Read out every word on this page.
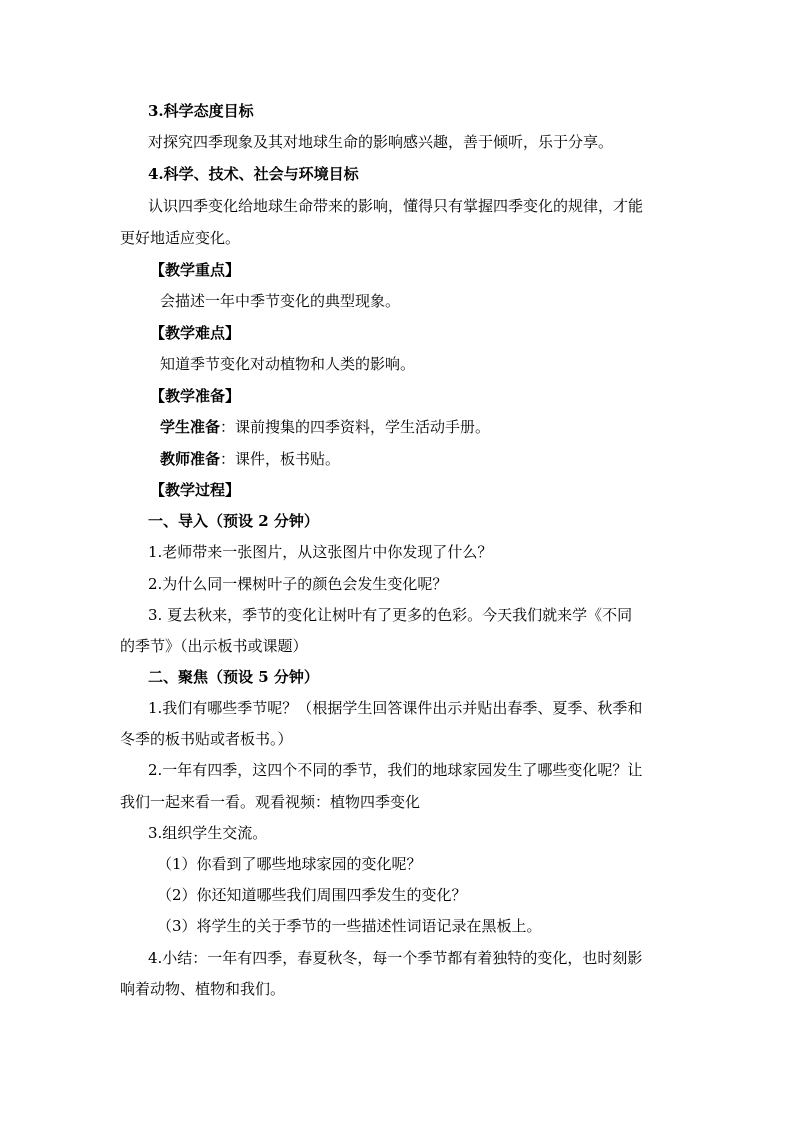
3.科学态度目标
对探究四季现象及其对地球生命的影响感兴趣，善于倾听，乐于分享。
4.科学、技术、社会与环境目标
认识四季变化给地球生命带来的影响，懂得只有掌握四季变化的规律，才能
更好地适应变化。
【教学重点】
会描述一年中季节变化的典型现象。
【教学难点】
知道季节变化对动植物和人类的影响。
【教学准备】
学生准备：课前搜集的四季资料，学生活动手册。
教师准备：课件，板书贴。
【教学过程】
一、导入（预设 2 分钟）
1.老师带来一张图片，从这张图片中你发现了什么？
2.为什么同一棵树叶子的颜色会发生变化呢？
3. 夏去秋来，季节的变化让树叶有了更多的色彩。今天我们就来学《不同
的季节》（出示板书或课题）
二、聚焦（预设 5 分钟）
1.我们有哪些季节呢？（根据学生回答课件出示并贴出春季、夏季、秋季和
冬季的板书贴或者板书。）
2.一年有四季，这四个不同的季节，我们的地球家园发生了哪些变化呢？让
我们一起来看一看。观看视频：植物四季变化
3.组织学生交流。
（1）你看到了哪些地球家园的变化呢？
（2）你还知道哪些我们周围四季发生的变化？
（3）将学生的关于季节的一些描述性词语记录在黑板上。
4.小结：一年有四季，春夏秋冬，每一个季节都有着独特的变化，也时刻影
响着动物、植物和我们。
